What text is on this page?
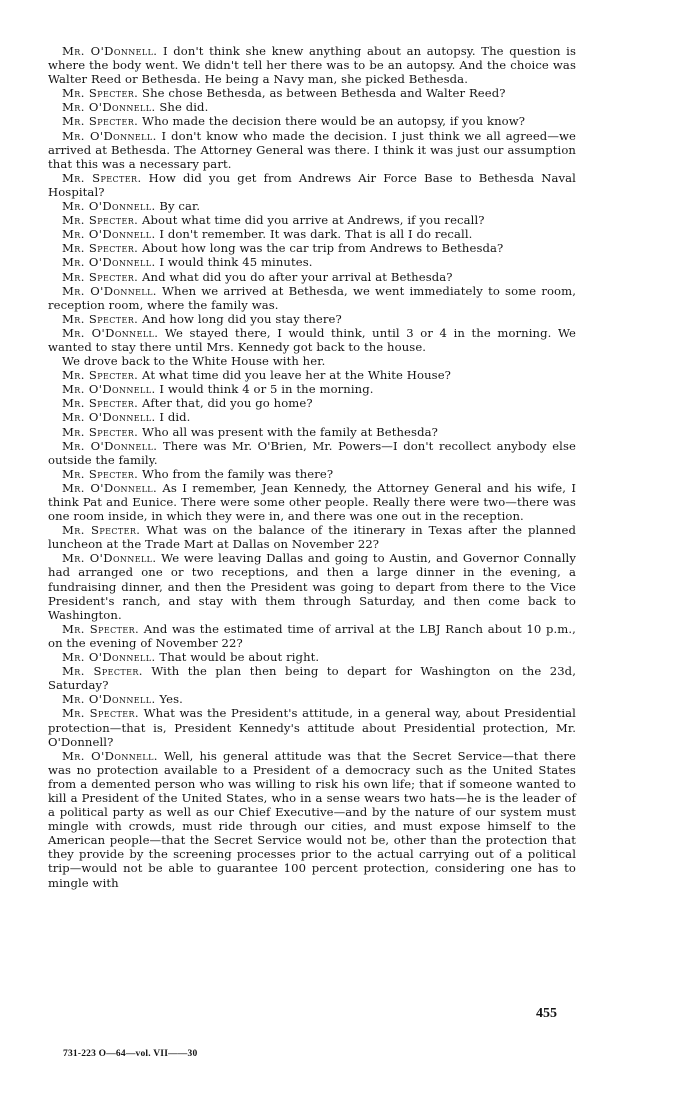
Mr. O'Donnell. I don't think she knew anything about an autopsy. The question is where the body went. We didn't tell her there was to be an autopsy. And the choice was Walter Reed or Bethesda. He being a Navy man, she picked Bethesda.

Mr. Specter. She chose Bethesda, as between Bethesda and Walter Reed?

Mr. O'Donnell. She did.

Mr. Specter. Who made the decision there would be an autopsy, if you know?

Mr. O'Donnell. I don't know who made the decision. I just think we all agreed—we arrived at Bethesda. The Attorney General was there. I think it was just our assumption that this was a necessary part.

Mr. Specter. How did you get from Andrews Air Force Base to Bethesda Naval Hospital?

Mr. O'Donnell. By car.

Mr. Specter. About what time did you arrive at Andrews, if you recall?

Mr. O'Donnell. I don't remember. It was dark. That is all I do recall.

Mr. Specter. About how long was the car trip from Andrews to Bethesda?

Mr. O'Donnell. I would think 45 minutes.

Mr. Specter. And what did you do after your arrival at Bethesda?

Mr. O'Donnell. When we arrived at Bethesda, we went immediately to some room, reception room, where the family was.

Mr. Specter. And how long did you stay there?

Mr. O'Donnell. We stayed there, I would think, until 3 or 4 in the morning. We wanted to stay there until Mrs. Kennedy got back to the house.

We drove back to the White House with her.

Mr. Specter. At what time did you leave her at the White House?

Mr. O'Donnell. I would think 4 or 5 in the morning.

Mr. Specter. After that, did you go home?

Mr. O'Donnell. I did.

Mr. Specter. Who all was present with the family at Bethesda?

Mr. O'Donnell. There was Mr. O'Brien, Mr. Powers—I don't recollect anybody else outside the family.

Mr. Specter. Who from the family was there?

Mr. O'Donnell. As I remember, Jean Kennedy, the Attorney General and his wife, I think Pat and Eunice. There were some other people. Really there were two—there was one room inside, in which they were in, and there was one out in the reception.

Mr. Specter. What was on the balance of the itinerary in Texas after the planned luncheon at the Trade Mart at Dallas on November 22?

Mr. O'Donnell. We were leaving Dallas and going to Austin, and Governor Connally had arranged one or two receptions, and then a large dinner in the evening, a fundraising dinner, and then the President was going to depart from there to the Vice President's ranch, and stay with them through Saturday, and then come back to Washington.

Mr. Specter. And was the estimated time of arrival at the LBJ Ranch about 10 p.m., on the evening of November 22?

Mr. O'Donnell. That would be about right.

Mr. Specter. With the plan then being to depart for Washington on the 23d, Saturday?

Mr. O'Donnell. Yes.

Mr. Specter. What was the President's attitude, in a general way, about Presidential protection—that is, President Kennedy's attitude about Presidential protection, Mr. O'Donnell?

Mr. O'Donnell. Well, his general attitude was that the Secret Service—that there was no protection available to a President of a democracy such as the United States from a demented person who was willing to risk his own life; that if someone wanted to kill a President of the United States, who in a sense wears two hats—he is the leader of a political party as well as our Chief Executive—and by the nature of our system must mingle with crowds, must ride through our cities, and must expose himself to the American people—that the Secret Service would not be, other than the protection that they provide by the screening processes prior to the actual carrying out of a political trip—would not be able to guarantee 100 percent protection, considering one has to mingle with

455
731-223 O—64—vol. VII——30
